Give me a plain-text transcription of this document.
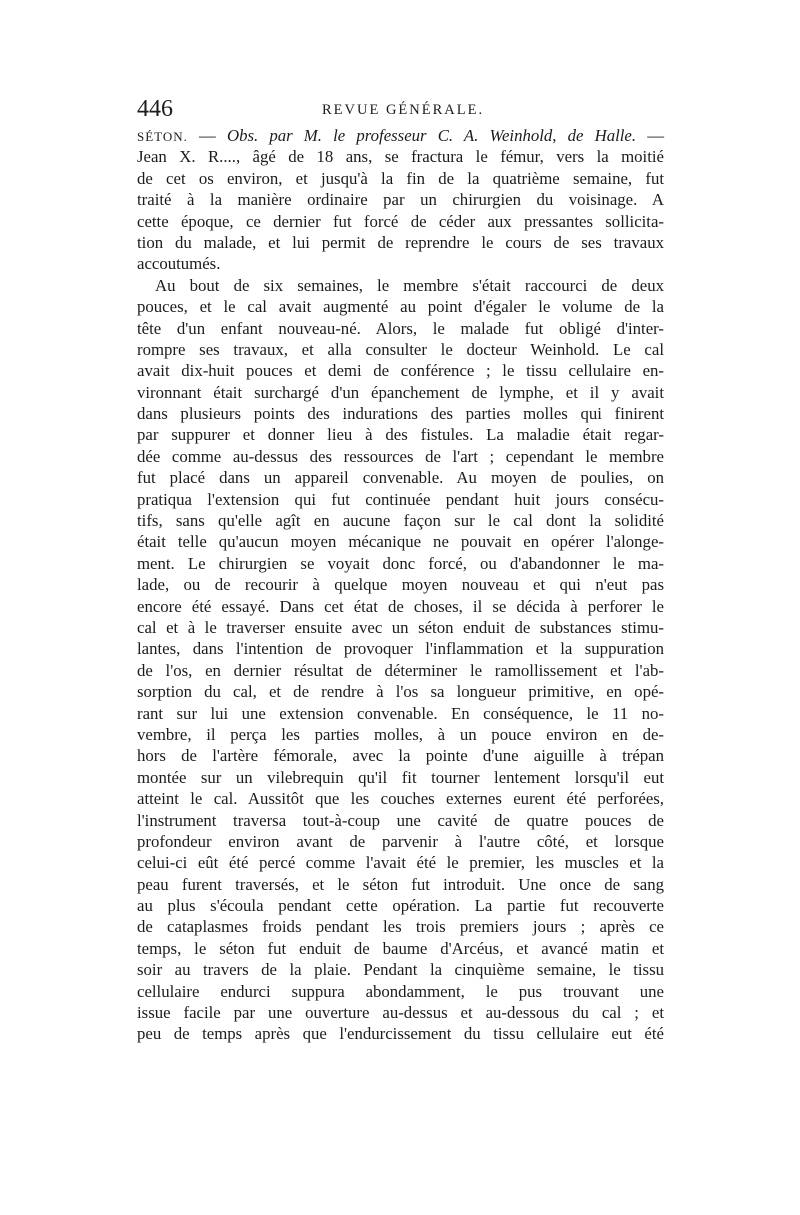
446	REVUE GÉNÉRALE.
SÉTON. — Obs. par M. le professeur C. A. Weinhold, de Halle. —
Jean X. R...., âgé de 18 ans, se fractura le fémur, vers la moitié
de cet os environ, et jusqu'à la fin de la quatrième semaine, fut
traité à la manière ordinaire par un chirurgien du voisinage. A
cette époque, ce dernier fut forcé de céder aux pressantes sollicita-
tion du malade, et lui permit de reprendre le cours de ses travaux
accoutumés.
Au bout de six semaines, le membre s'était raccourci de deux
pouces, et le cal avait augmenté au point d'égaler le volume de la
tête d'un enfant nouveau-né. Alors, le malade fut obligé d'inter-
rompre ses travaux, et alla consulter le docteur Weinhold. Le cal
avait dix-huit pouces et demi de conférence ; le tissu cellulaire en-
vironnant était surchargé d'un épanchement de lymphe, et il y avait
dans plusieurs points des indurations des parties molles qui finirent
par suppurer et donner lieu à des fistules. La maladie était regar-
dée comme au-dessus des ressources de l'art ; cependant le membre
fut placé dans un appareil convenable. Au moyen de poulies, on
pratiqua l'extension qui fut continuée pendant huit jours consécu-
tifs, sans qu'elle agît en aucune façon sur le cal dont la solidité
était telle qu'aucun moyen mécanique ne pouvait en opérer l'alonge-
ment. Le chirurgien se voyait donc forcé, ou d'abandonner le ma-
lade, ou de recourir à quelque moyen nouveau et qui n'eut pas
encore été essayé. Dans cet état de choses, il se décida à perforer le
cal et à le traverser ensuite avec un séton enduit de substances stimu-
lantes, dans l'intention de provoquer l'inflammation et la suppuration
de l'os, en dernier résultat de déterminer le ramollissement et l'ab-
sorption du cal, et de rendre à l'os sa longueur primitive, en opé-
rant sur lui une extension convenable. En conséquence, le 11 no-
vembre, il perça les parties molles, à un pouce environ en de-
hors de l'artère fémorale, avec la pointe d'une aiguille à trépan
montée sur un vilebrequin qu'il fit tourner lentement lorsqu'il eut
atteint le cal. Aussitôt que les couches externes eurent été perforées,
l'instrument traversa tout-à-coup une cavité de quatre pouces de
profondeur environ avant de parvenir à l'autre côté, et lorsque
celui-ci eût été percé comme l'avait été le premier, les muscles et la
peau furent traversés, et le séton fut introduit. Une once de sang
au plus s'écoula pendant cette opération. La partie fut recouverte
de cataplasmes froids pendant les trois premiers jours ; après ce
temps, le séton fut enduit de baume d'Arcéus, et avancé matin et
soir au travers de la plaie. Pendant la cinquième semaine, le tissu
cellulaire endurci suppura abondamment, le pus trouvant une
issue facile par une ouverture au-dessus et au-dessous du cal ; et
peu de temps après que l'endurcissement du tissu cellulaire eut été
